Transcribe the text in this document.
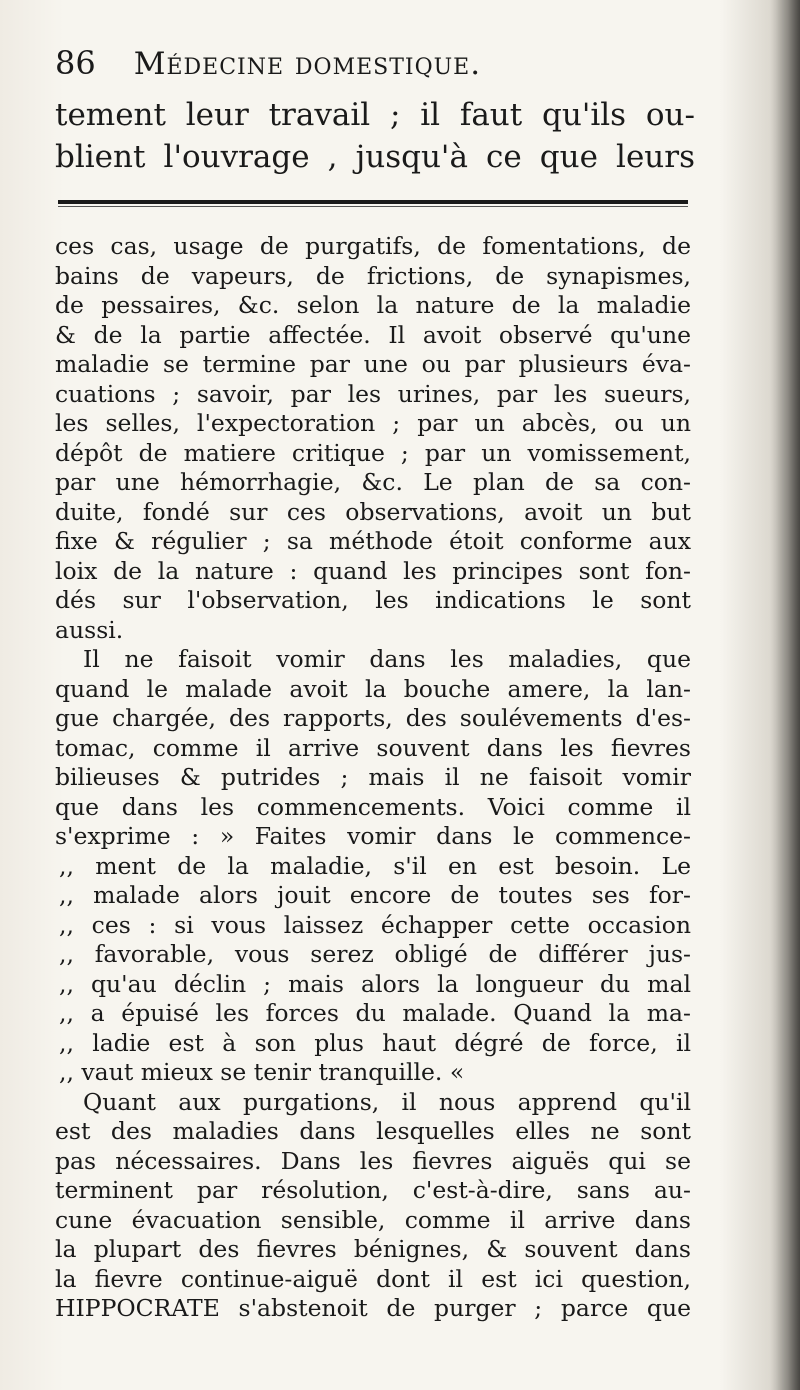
86 Médecine domestique.
tement leur travail ; il faut qu'ils ou-
blient l'ouvrage , jusqu'à ce que leurs
ces cas, usage de purgatifs, de fomentations, de
bains de vapeurs, de frictions, de synapismes,
de pessaires, &c. selon la nature de la maladie
& de la partie affectée. Il avoit observé qu'une
maladie se termine par une ou par plusieurs éva-
cuations ; savoir, par les urines, par les sueurs,
les selles, l'expectoration ; par un abcès, ou un
dépôt de matiere critique ; par un vomissement,
par une hémorrhagie, &c. Le plan de sa con-
duite, fondé sur ces observations, avoit un but
fixe & régulier ; sa méthode étoit conforme aux
loix de la nature : quand les principes sont fon-
dés sur l'observation, les indications le sont
aussi.
Il ne faisoit vomir dans les maladies, que
quand le malade avoit la bouche amere, la lan-
gue chargée, des rapports, des soulévements d'es-
tomac, comme il arrive souvent dans les fievres
bilieuses & putrides ; mais il ne faisoit vomir
que dans les commencements. Voici comme il
s'exprime : » Faites vomir dans le commence-
,, ment de la maladie, s'il en est besoin. Le
,, malade alors jouit encore de toutes ses for-
,, ces : si vous laissez échapper cette occasion
,, favorable, vous serez obligé de différer jus-
,, qu'au déclin ; mais alors la longueur du mal
,, a épuisé les forces du malade. Quand la ma-
,, ladie est à son plus haut dégré de force, il
,, vaut mieux se tenir tranquille. «
Quant aux purgations, il nous apprend qu'il
est des maladies dans lesquelles elles ne sont
pas nécessaires. Dans les fievres aiguës qui se
terminent par résolution, c'est-à-dire, sans au-
cune évacuation sensible, comme il arrive dans
la plupart des fievres bénignes, & souvent dans
la fievre continue-aiguë dont il est ici question,
HIPPOCRATE s'abstenoit de purger ; parce que
